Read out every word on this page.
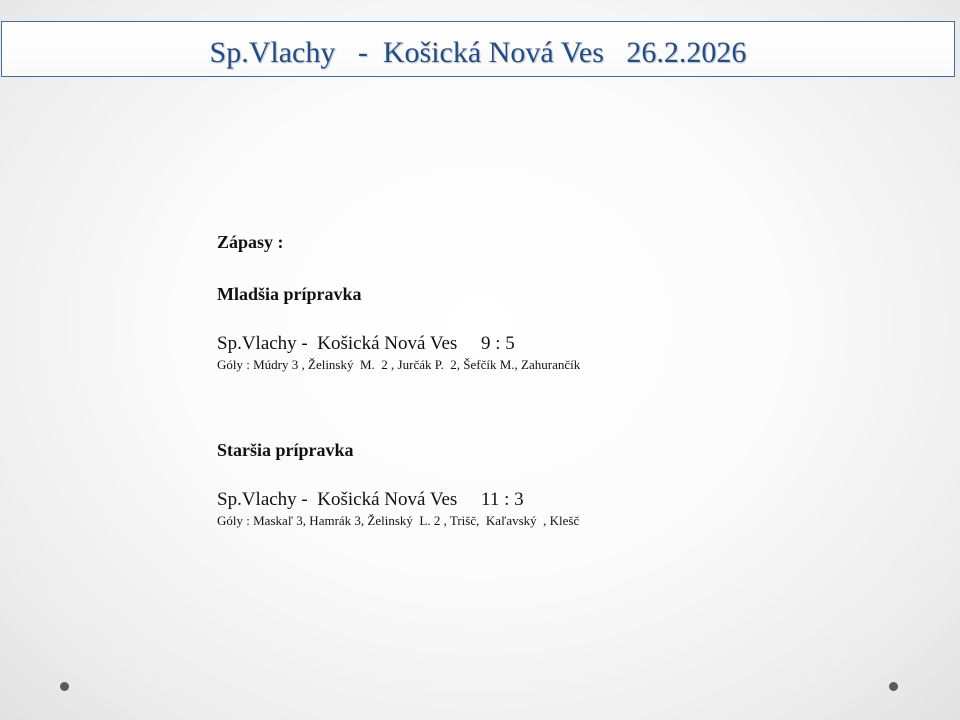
Sp.Vlachy   -  Košická Nová Ves   26.2.2026
Zápasy :
Mladšia prípravka
Sp.Vlachy -  Košická Nová Ves     9 : 5
Góly : Múdry 3 , Želinský  M.  2 , Jurčák P.  2, Šefčík M., Zahurančík
Staršia prípravka
Sp.Vlachy -  Košická Nová Ves     11 : 3
Góly : Maskaľ 3, Hamrák 3, Želinský  L. 2 , Trišč,  Kaľavský  , Klešč
